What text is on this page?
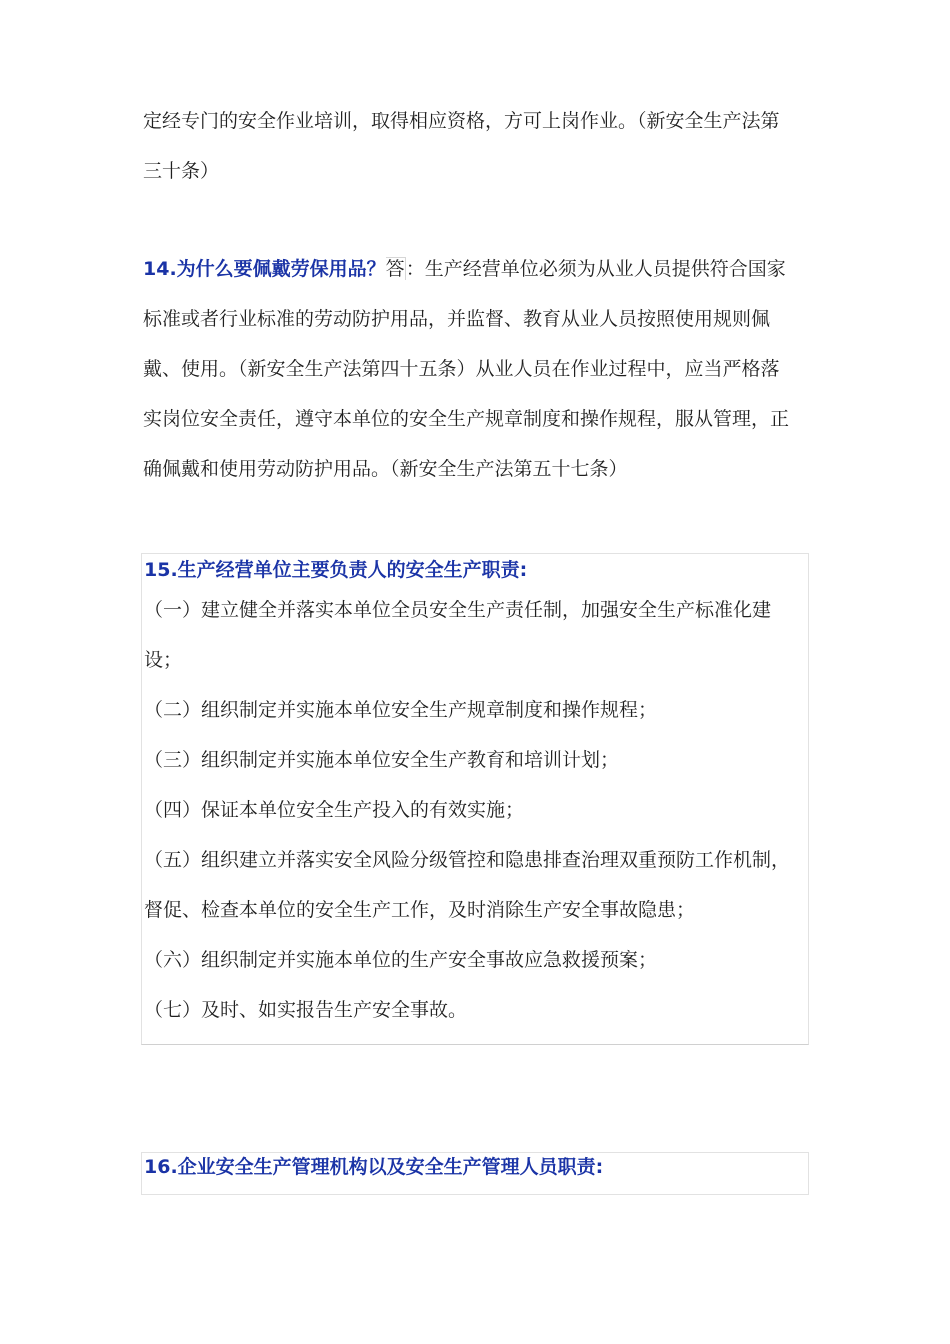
定经专门的安全作业培训，取得相应资格，方可上岗作业。（新安全生产法第
三十条）
14.为什么要佩戴劳保用品？答：生产经营单位必须为从业人员提供符合国家
标准或者行业标准的劳动防护用品，并监督、教育从业人员按照使用规则佩
戴、使用。（新安全生产法第四十五条）从业人员在作业过程中，应当严格落
实岗位安全责任，遵守本单位的安全生产规章制度和操作规程，服从管理，正
确佩戴和使用劳动防护用品。（新安全生产法第五十七条）
15.生产经营单位主要负责人的安全生产职责:
（一）建立健全并落实本单位全员安全生产责任制，加强安全生产标准化建
设；
（二）组织制定并实施本单位安全生产规章制度和操作规程；
（三）组织制定并实施本单位安全生产教育和培训计划；
（四）保证本单位安全生产投入的有效实施；
（五）组织建立并落实安全风险分级管控和隐患排查治理双重预防工作机制，
督促、检查本单位的安全生产工作，及时消除生产安全事故隐患；
（六）组织制定并实施本单位的生产安全事故应急救援预案；
（七）及时、如实报告生产安全事故。
16.企业安全生产管理机构以及安全生产管理人员职责:
